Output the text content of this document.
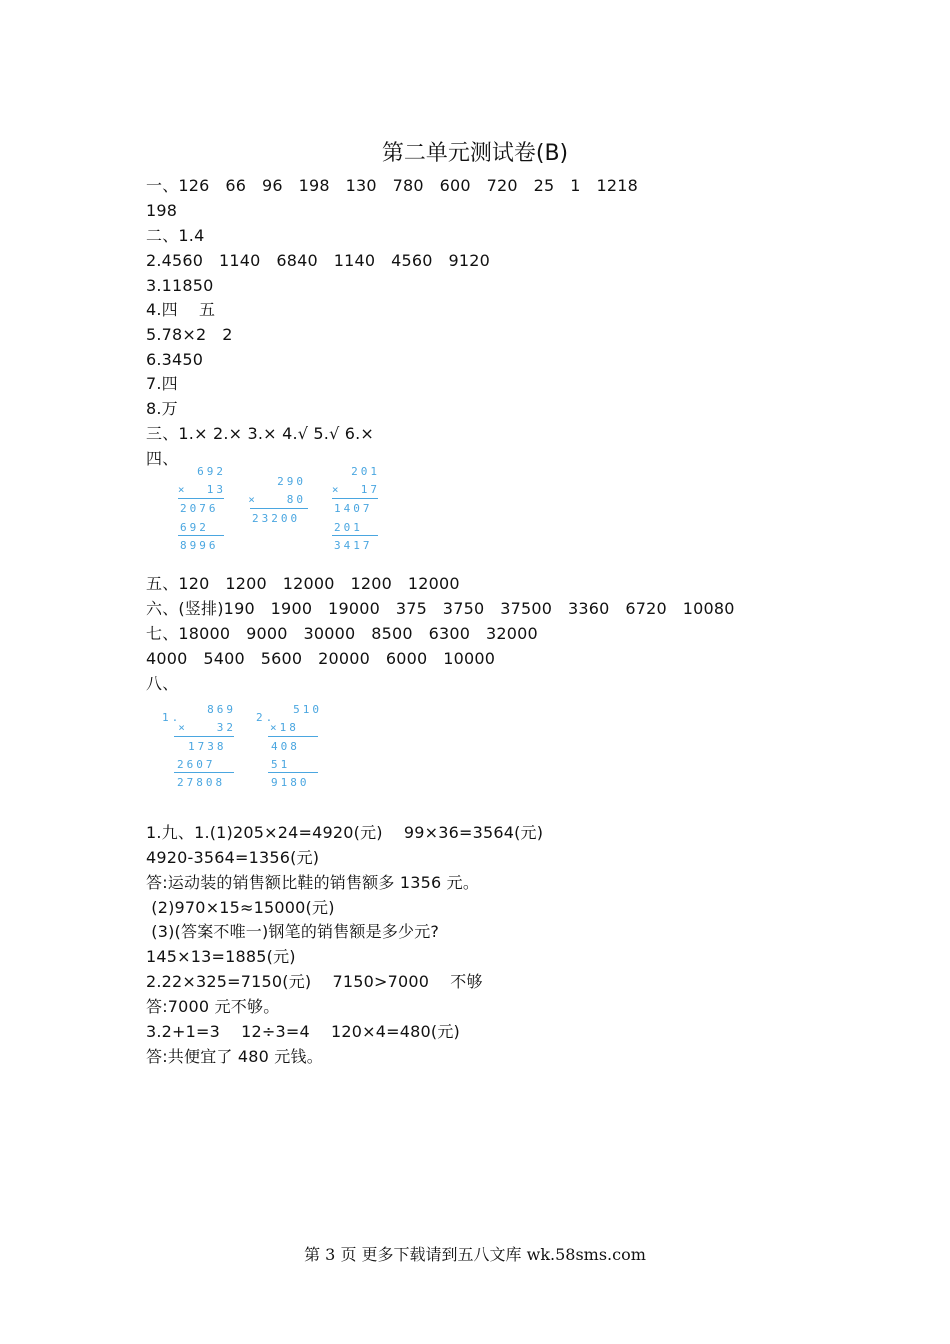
第二单元测试卷(B)
一、126   66   96   198   130   780   600   720   25   1   1218
198
二、1.4
2.4560   1140   6840   1140   4560   9120
3.11850
4.四    五
5.78×2   2
6.3450
7.四
8.万
三、1.× 2.× 3.× 4.√ 5.√ 6.×
四、
五、120   1200   12000   1200   12000
六、(竖排)190   1900   19000   375   3750   37500   3360   6720   10080
七、18000   9000   30000   8500   6300   32000
4000   5400   5600   20000   6000   10000
八、
1.九、1.(1)205×24=4920(元)    99×36=3564(元)
4920-3564=1356(元)
答:运动装的销售额比鞋的销售额多 1356 元。
(2)970×15≈15000(元)
(3)(答案不唯一)钢笔的销售额是多少元?
145×13=1885(元)
2.22×325=7150(元)    7150>7000    不够
答:7000 元不够。
3.2+1=3    12÷3=4    120×4=480(元)
答:共便宜了 480 元钱。
692
×  13
2076
692
8996
290
×   80
23200
201
×  17
1407
201
3417
1.
869
×   32
1738
2607
27808
2.
510
×18
408
51
9180
第 3 页 更多下载请到五八文库 wk.58sms.com
